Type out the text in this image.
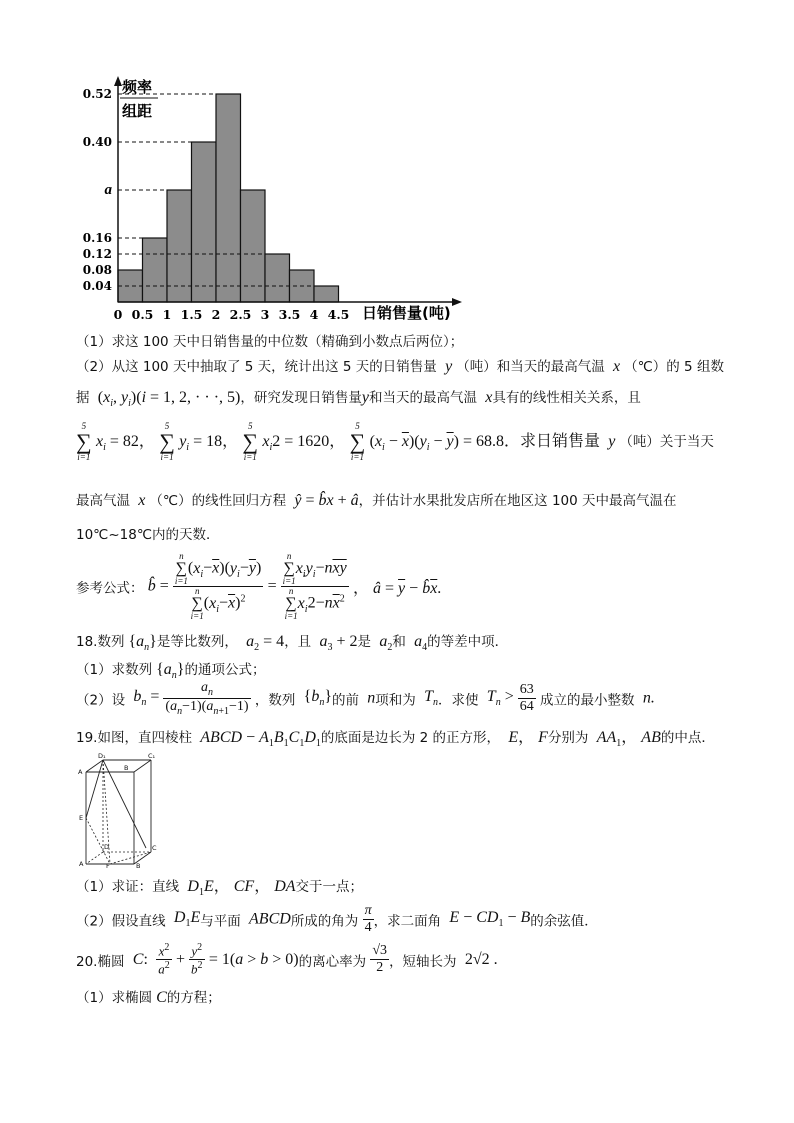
0.52
0.40
a
0.16
0.12
0.08
0.04
0 0.5 1 1.5 2 2.5 3 3.5 4 4.5
频率
组距
日销售量(吨)
（1）求这 100 天中日销售量的中位数（精确到小数点后两位）；
（2）从这 100 天中抽取了 5 天，统计出这 5 天的日销售量  y （吨）和当天的最高气温  x （℃）的 5 组数
据  ($x_i$, $y_i)(i = 1$, 2, · · ·, 5)，研究发现日销售量y和当天的最高气温  x具有的线性相关关系，且
5
∑
i=1
$x_i = 82$，
5
∑
i=1
$y_i = 18$，
5
∑
i=1
$x_i2 = 1620$，
5
∑
i=1
$(x_i - \overline{x})(y_i - \overline{y}) = 68.8$．求日销售量  y （吨）关于当天
最高气温  x （℃）的线性回归方程 ŷ = b̂x + â，并估计水果批发店所在地区这 100 天中最高气温在
10℃~18℃内的天数．
参考公式： b̂ = n
∑
i=1
$(x_i-\overline{x})(y_i-\overline{y})$
n
∑
i=1
$(x_i-\overline{x})^2 = n$
∑
i=1
$x_iy_i-n\overline{xy}$
n
∑
i=1
$x_i2-n\overline{x}^2$ ， â = $\overline{y}$ − $b̂\overline{x}$.
18.数列 $\{a_n\}$是等比数列， $a_2 = 4$，且 $a_3 + 2$是 $a_2$和 $a_4$的等差中项．
（1）求数列 $\{a_n\}$的通项公式；
（2）设 $b_n = \frac{a_n}{(a_n-1)(a_{n+1}-1)}$ ，数列  $\{b_n\}$的前  n项和为 $T_n$．求使 $T_n > \frac{63}{64}$ 成立的最小整数  n.
19.如图，直四棱柱 ABCD − $A_1B_1C_1D_1$的底面是边长为 2 的正方形，  E， F分别为 $AA_1$， AB的中点．
D₁	C₁
A	B
E
D	C
A	F	B
（1）求证：直线 $D_1E$， CF， DA交于一点；
（2）假设直线 $D_1E$与平面  ABCD所成的角为 $\frac{\pi}{4}$ ，求二面角 $E - CD_1 - B$的余弦值．
20.椭圆  C: $\frac{x^2}{a^2} + \frac{y^2}{b^2} = 1(a > b > 0)$的离心率为 $\frac{√3}{2}$ ，短轴长为  2√2 .
（1）求椭圆 C的方程；
